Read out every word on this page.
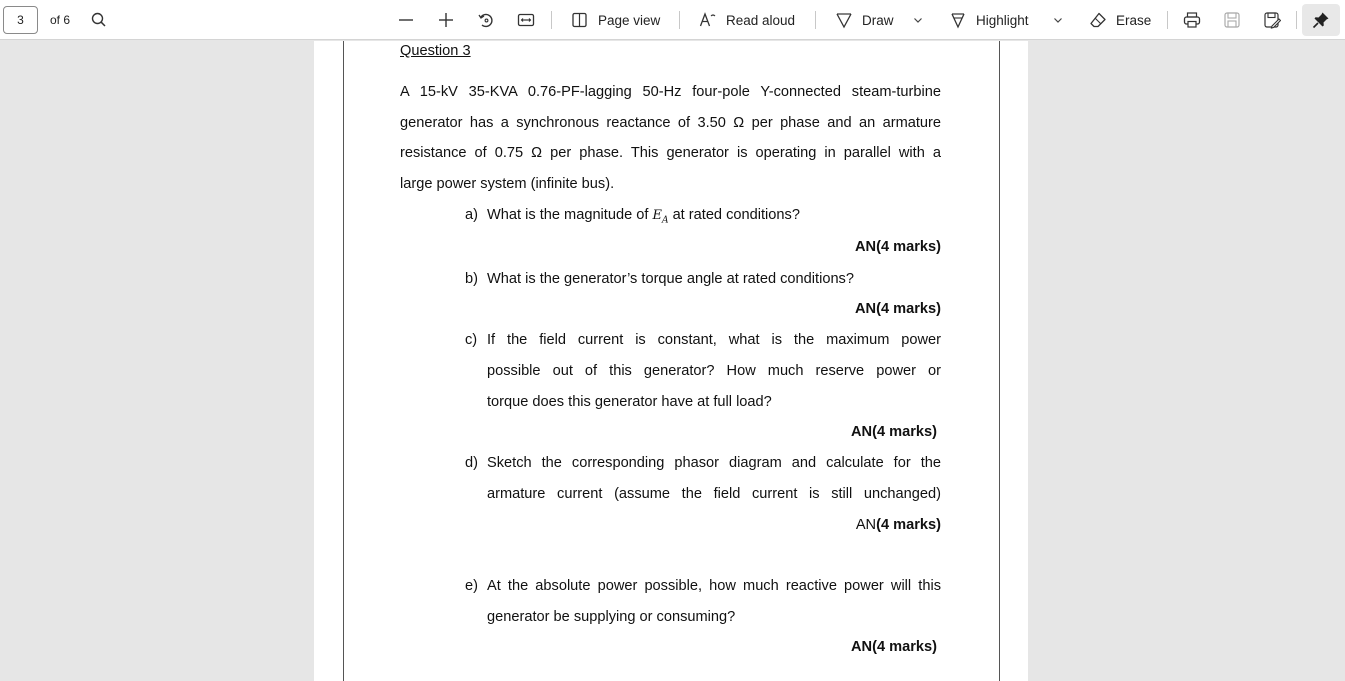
3	of 6	Page view	Read aloud	Draw	Highlight	Erase
Question 3
A 15-kV 35-KVA 0.76-PF-lagging 50-Hz four-pole Y-connected steam-turbine
generator has a synchronous reactance of 3.50 Ω per phase and an armature
resistance of 0.75 Ω per phase. This generator is operating in parallel with a
large power system (infinite bus).
a) What is the magnitude of $E_A$ at rated conditions?
AN(4 marks)
b) What is the generator’s torque angle at rated conditions?
AN(4 marks)
c) If the field current is constant, what is the maximum power
possible out of this generator? How much reserve power or
torque does this generator have at full load?
AN(4 marks)
d) Sketch the corresponding phasor diagram and calculate for the
armature current (assume the field current is still unchanged)
AN(4 marks)
e) At the absolute power possible, how much reactive power will this
generator be supplying or consuming?
AN(4 marks)
